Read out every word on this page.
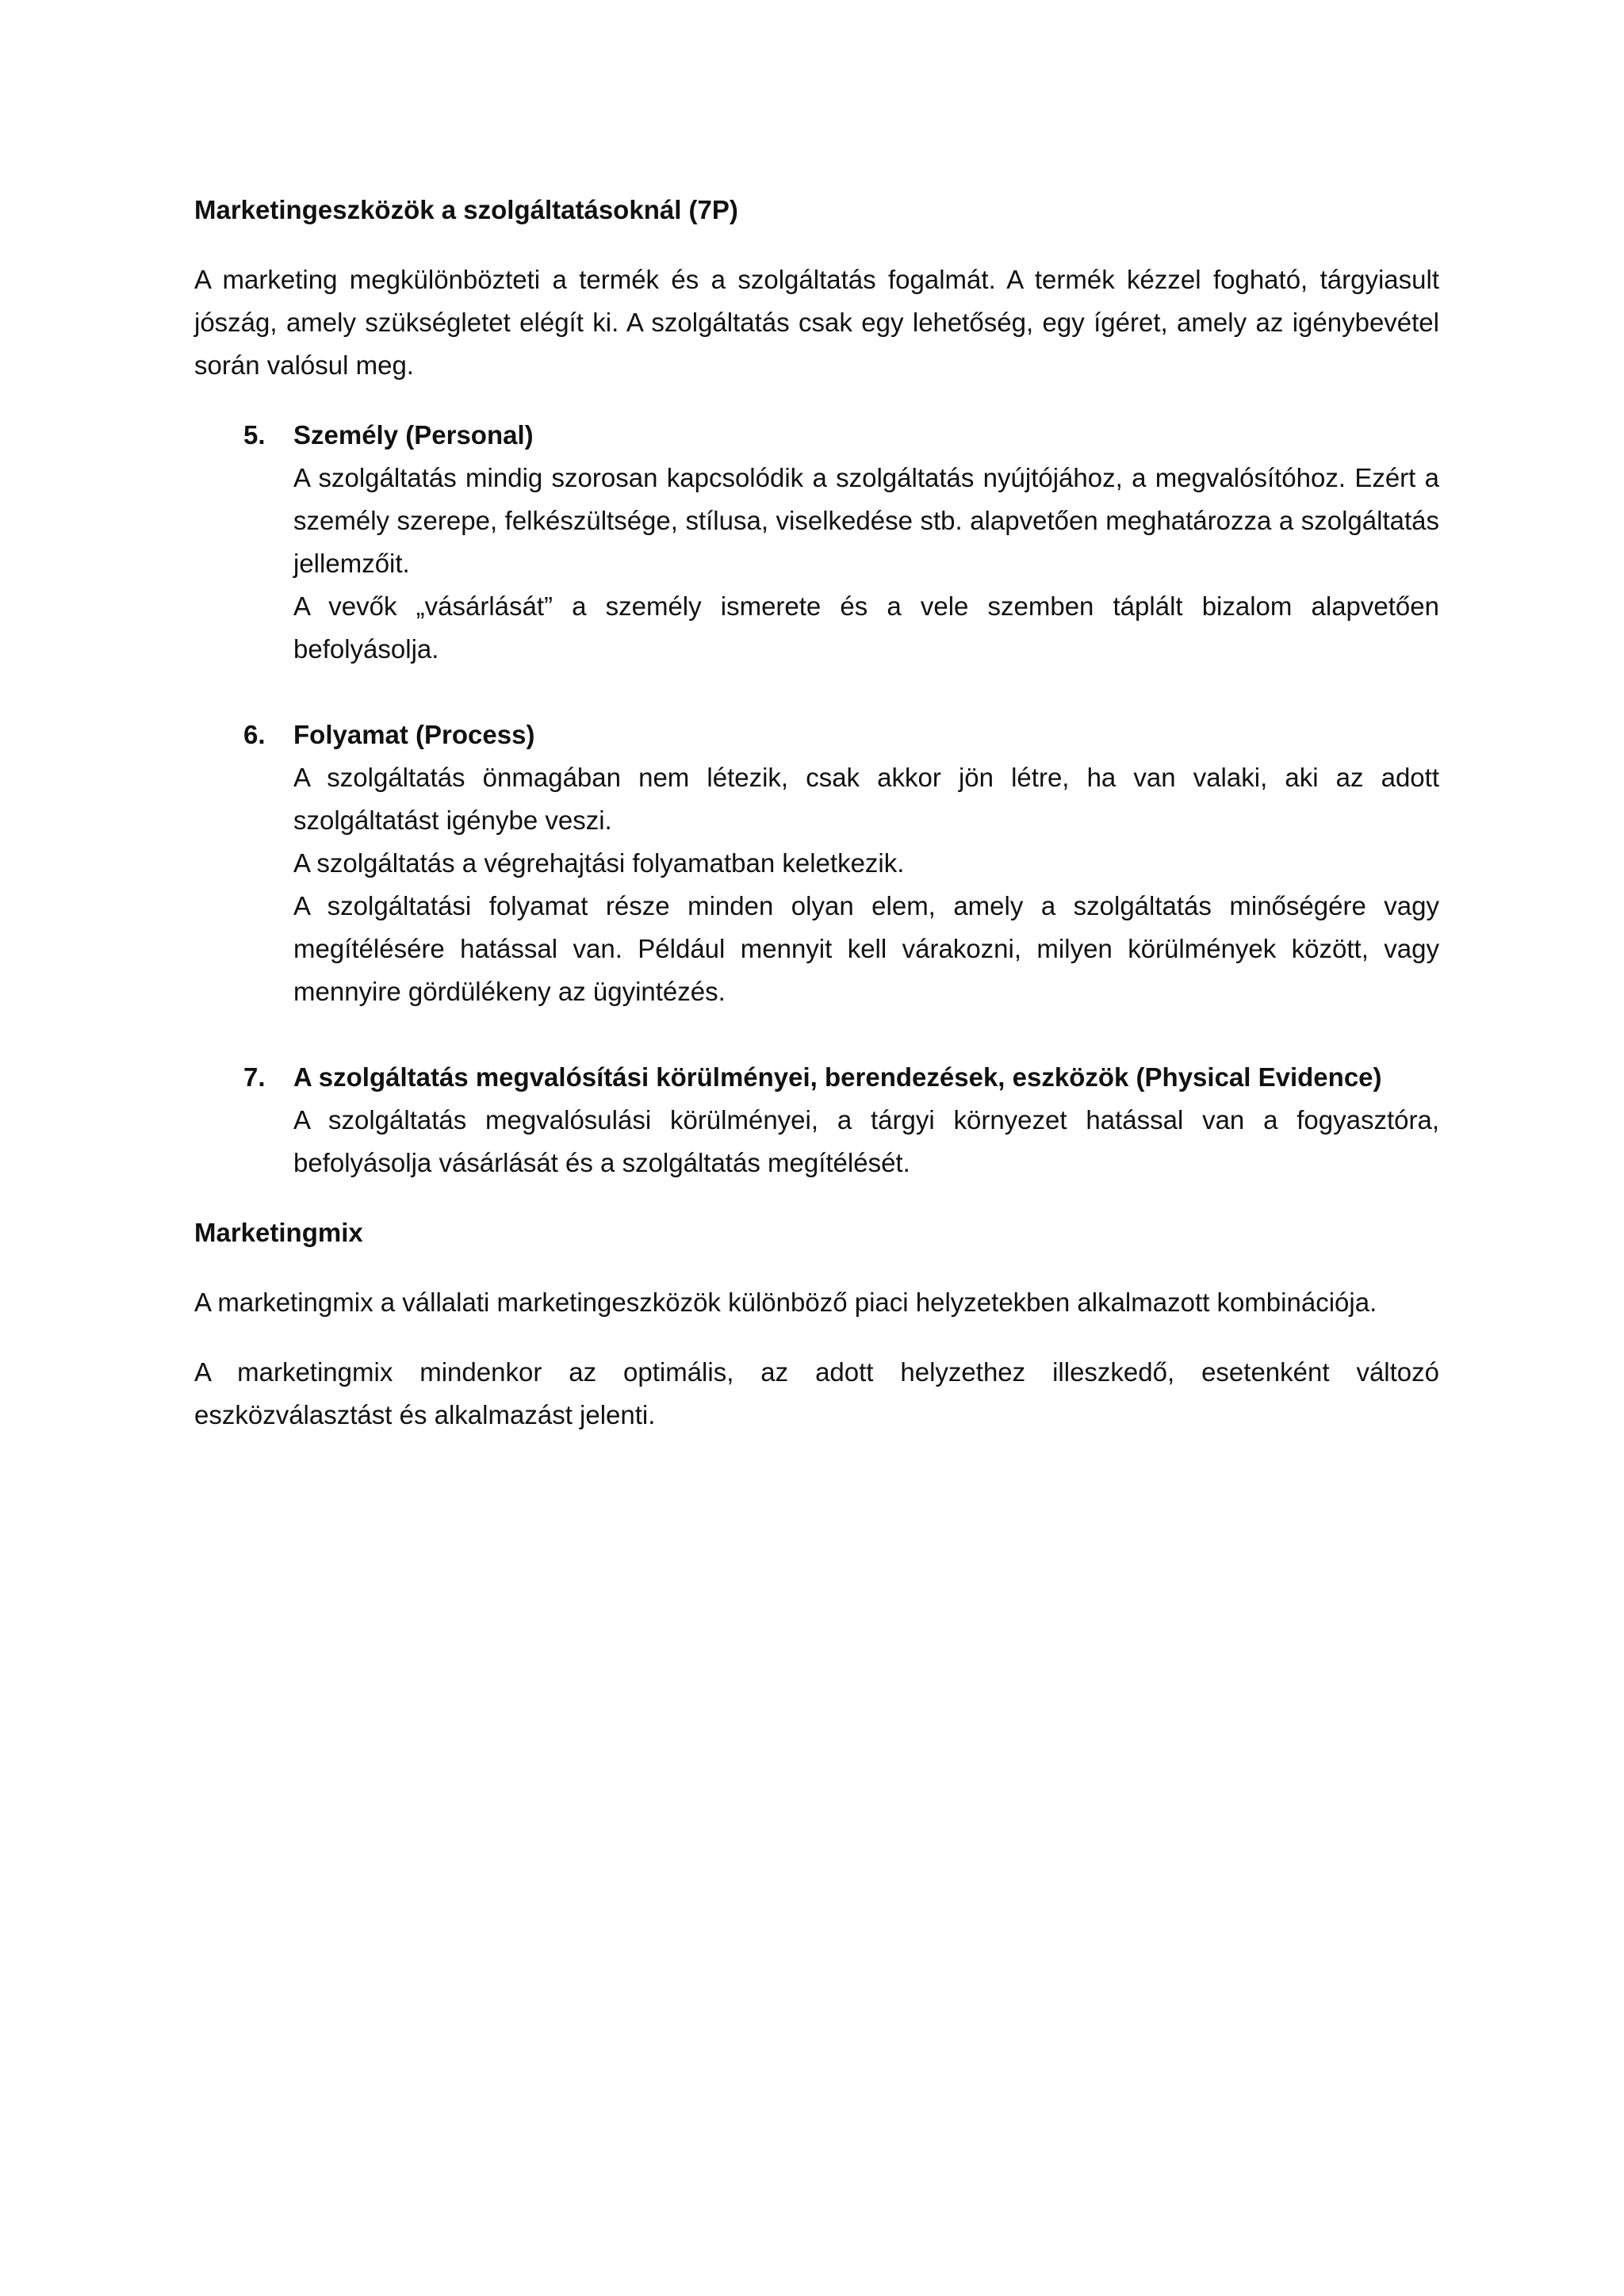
Marketingeszközök a szolgáltatásoknál (7P)
A marketing megkülönbözteti a termék és a szolgáltatás fogalmát. A termék kézzel fogható, tárgyiasult jószág, amely szükségletet elégít ki. A szolgáltatás csak egy lehetőség, egy ígéret, amely az igénybevétel során valósul meg.
5. Személy (Personal)
A szolgáltatás mindig szorosan kapcsolódik a szolgáltatás nyújtójához, a megvalósítóhoz. Ezért a személy szerepe, felkészültsége, stílusa, viselkedése stb. alapvetően meghatározza a szolgáltatás jellemzőit.
A vevők „vásárlását” a személy ismerete és a vele szemben táplált bizalom alapvetően befolyásolja.
6. Folyamat (Process)
A szolgáltatás önmagában nem létezik, csak akkor jön létre, ha van valaki, aki az adott szolgáltatást igénybe veszi.
A szolgáltatás a végrehajtási folyamatban keletkezik.
A szolgáltatási folyamat része minden olyan elem, amely a szolgáltatás minőségére vagy megítélésére hatással van. Például mennyit kell várakozni, milyen körülmények között, vagy mennyire gördülékeny az ügyintézés.
7. A szolgáltatás megvalósítási körülményei, berendezések, eszközök (Physical Evidence)
A szolgáltatás megvalósulási körülményei, a tárgyi környezet hatással van a fogyasztóra, befolyásolja vásárlását és a szolgáltatás megítélését.
Marketingmix
A marketingmix a vállalati marketingeszközök különböző piaci helyzetekben alkalmazott kombinációja.
A marketingmix mindenkor az optimális, az adott helyzethez illeszkedő, esetenként változó eszközválasztást és alkalmazást jelenti.
